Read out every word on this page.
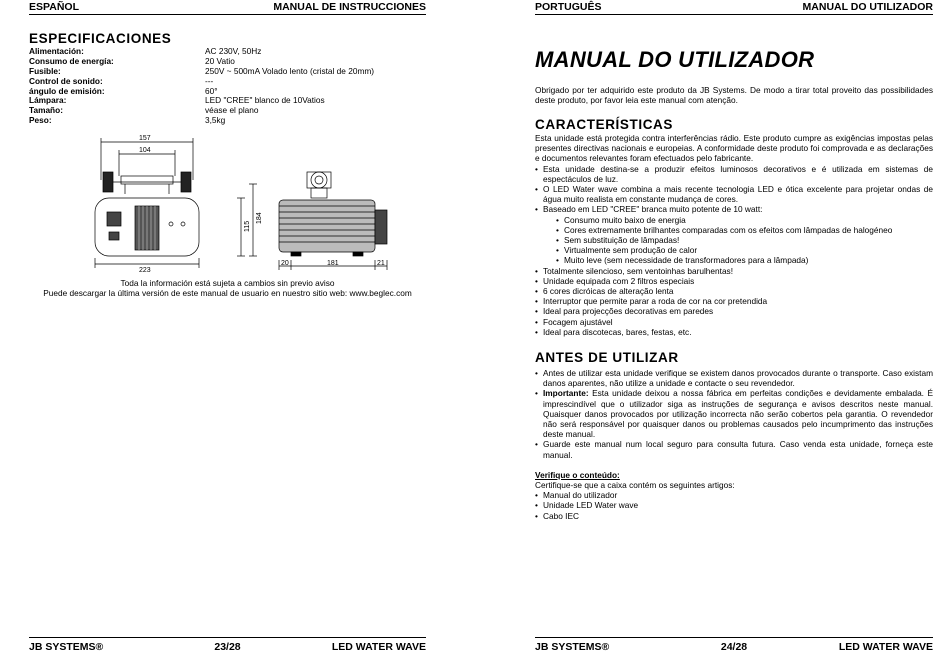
ESPAÑOL	MANUAL DE INSTRUCCIONES
ESPECIFICACIONES
Alimentación:	AC 230V, 50Hz
Consumo de energía:	20 Vatio
Fusible:	250V ~ 500mA Volado lento (cristal de 20mm)
Control de sonido:	---
ángulo de emisión:	60°
Lámpara:	LED "CREE" blanco de 10Vatios
Tamaño:	véase el plano
Peso:	3,5kg
157
104
223
184
115
20	181	21
Toda la información está sujeta a cambios sin previo aviso
Puede descargar la última versión de este manual de usuario en nuestro sitio web: www.beglec.com
JB SYSTEMS®	23/28	LED WATER WAVE
PORTUGUÊS	MANUAL DO UTILIZADOR
MANUAL DO UTILIZADOR
Obrigado por ter adquirido este produto da JB Systems. De modo a tirar total proveito das possibilidades deste produto, por favor leia este manual com atenção.
CARACTERÍSTICAS
Esta unidade está protegida contra interferências rádio. Este produto cumpre as exigências impostas pelas presentes directivas nacionais e europeias. A conformidade deste produto foi comprovada e as declarações e documentos relevantes foram efectuados pelo fabricante.
• Esta unidade destina-se a produzir efeitos luminosos decorativos e é utilizada em sistemas de espectáculos de luz.
• O LED Water wave combina a mais recente tecnologia LED e ótica excelente para projetar ondas de água muito realista em constante mudança de cores.
• Baseado em LED "CREE" branca muito potente de 10 watt:
• Consumo muito baixo de energia
• Cores extremamente brilhantes comparadas com os efeitos com lâmpadas de halogéneo
• Sem substituição de lâmpadas!
• Virtualmente sem produção de calor
• Muito leve (sem necessidade de transformadores para a lâmpada)
• Totalmente silencioso, sem ventoinhas barulhentas!
• Unidade equipada com 2 filtros especiais
• 6 cores dicróicas de alteração lenta
• Interruptor que permite parar a roda de cor na cor pretendida
• Ideal para projecções decorativas em paredes
• Focagem ajustável
• Ideal para discotecas, bares, festas, etc.
ANTES DE UTILIZAR
• Antes de utilizar esta unidade verifique se existem danos provocados durante o transporte. Caso existam danos aparentes, não utilize a unidade e contacte o seu revendedor.
• Importante: Esta unidade deixou a nossa fábrica em perfeitas condições e devidamente embalada. É imprescindível que o utilizador siga as instruções de segurança e avisos descritos neste manual. Quaisquer danos provocados por utilização incorrecta não serão cobertos pela garantia. O revendedor não será responsável por quaisquer danos ou problemas causados pelo incumprimento das instruções deste manual.
• Guarde este manual num local seguro para consulta futura. Caso venda esta unidade, forneça este manual.
Verifique o conteúdo:
Certifique-se que a caixa contém os seguintes artigos:
• Manual do utilizador
• Unidade LED Water wave
• Cabo IEC
JB SYSTEMS®	24/28	LED WATER WAVE
